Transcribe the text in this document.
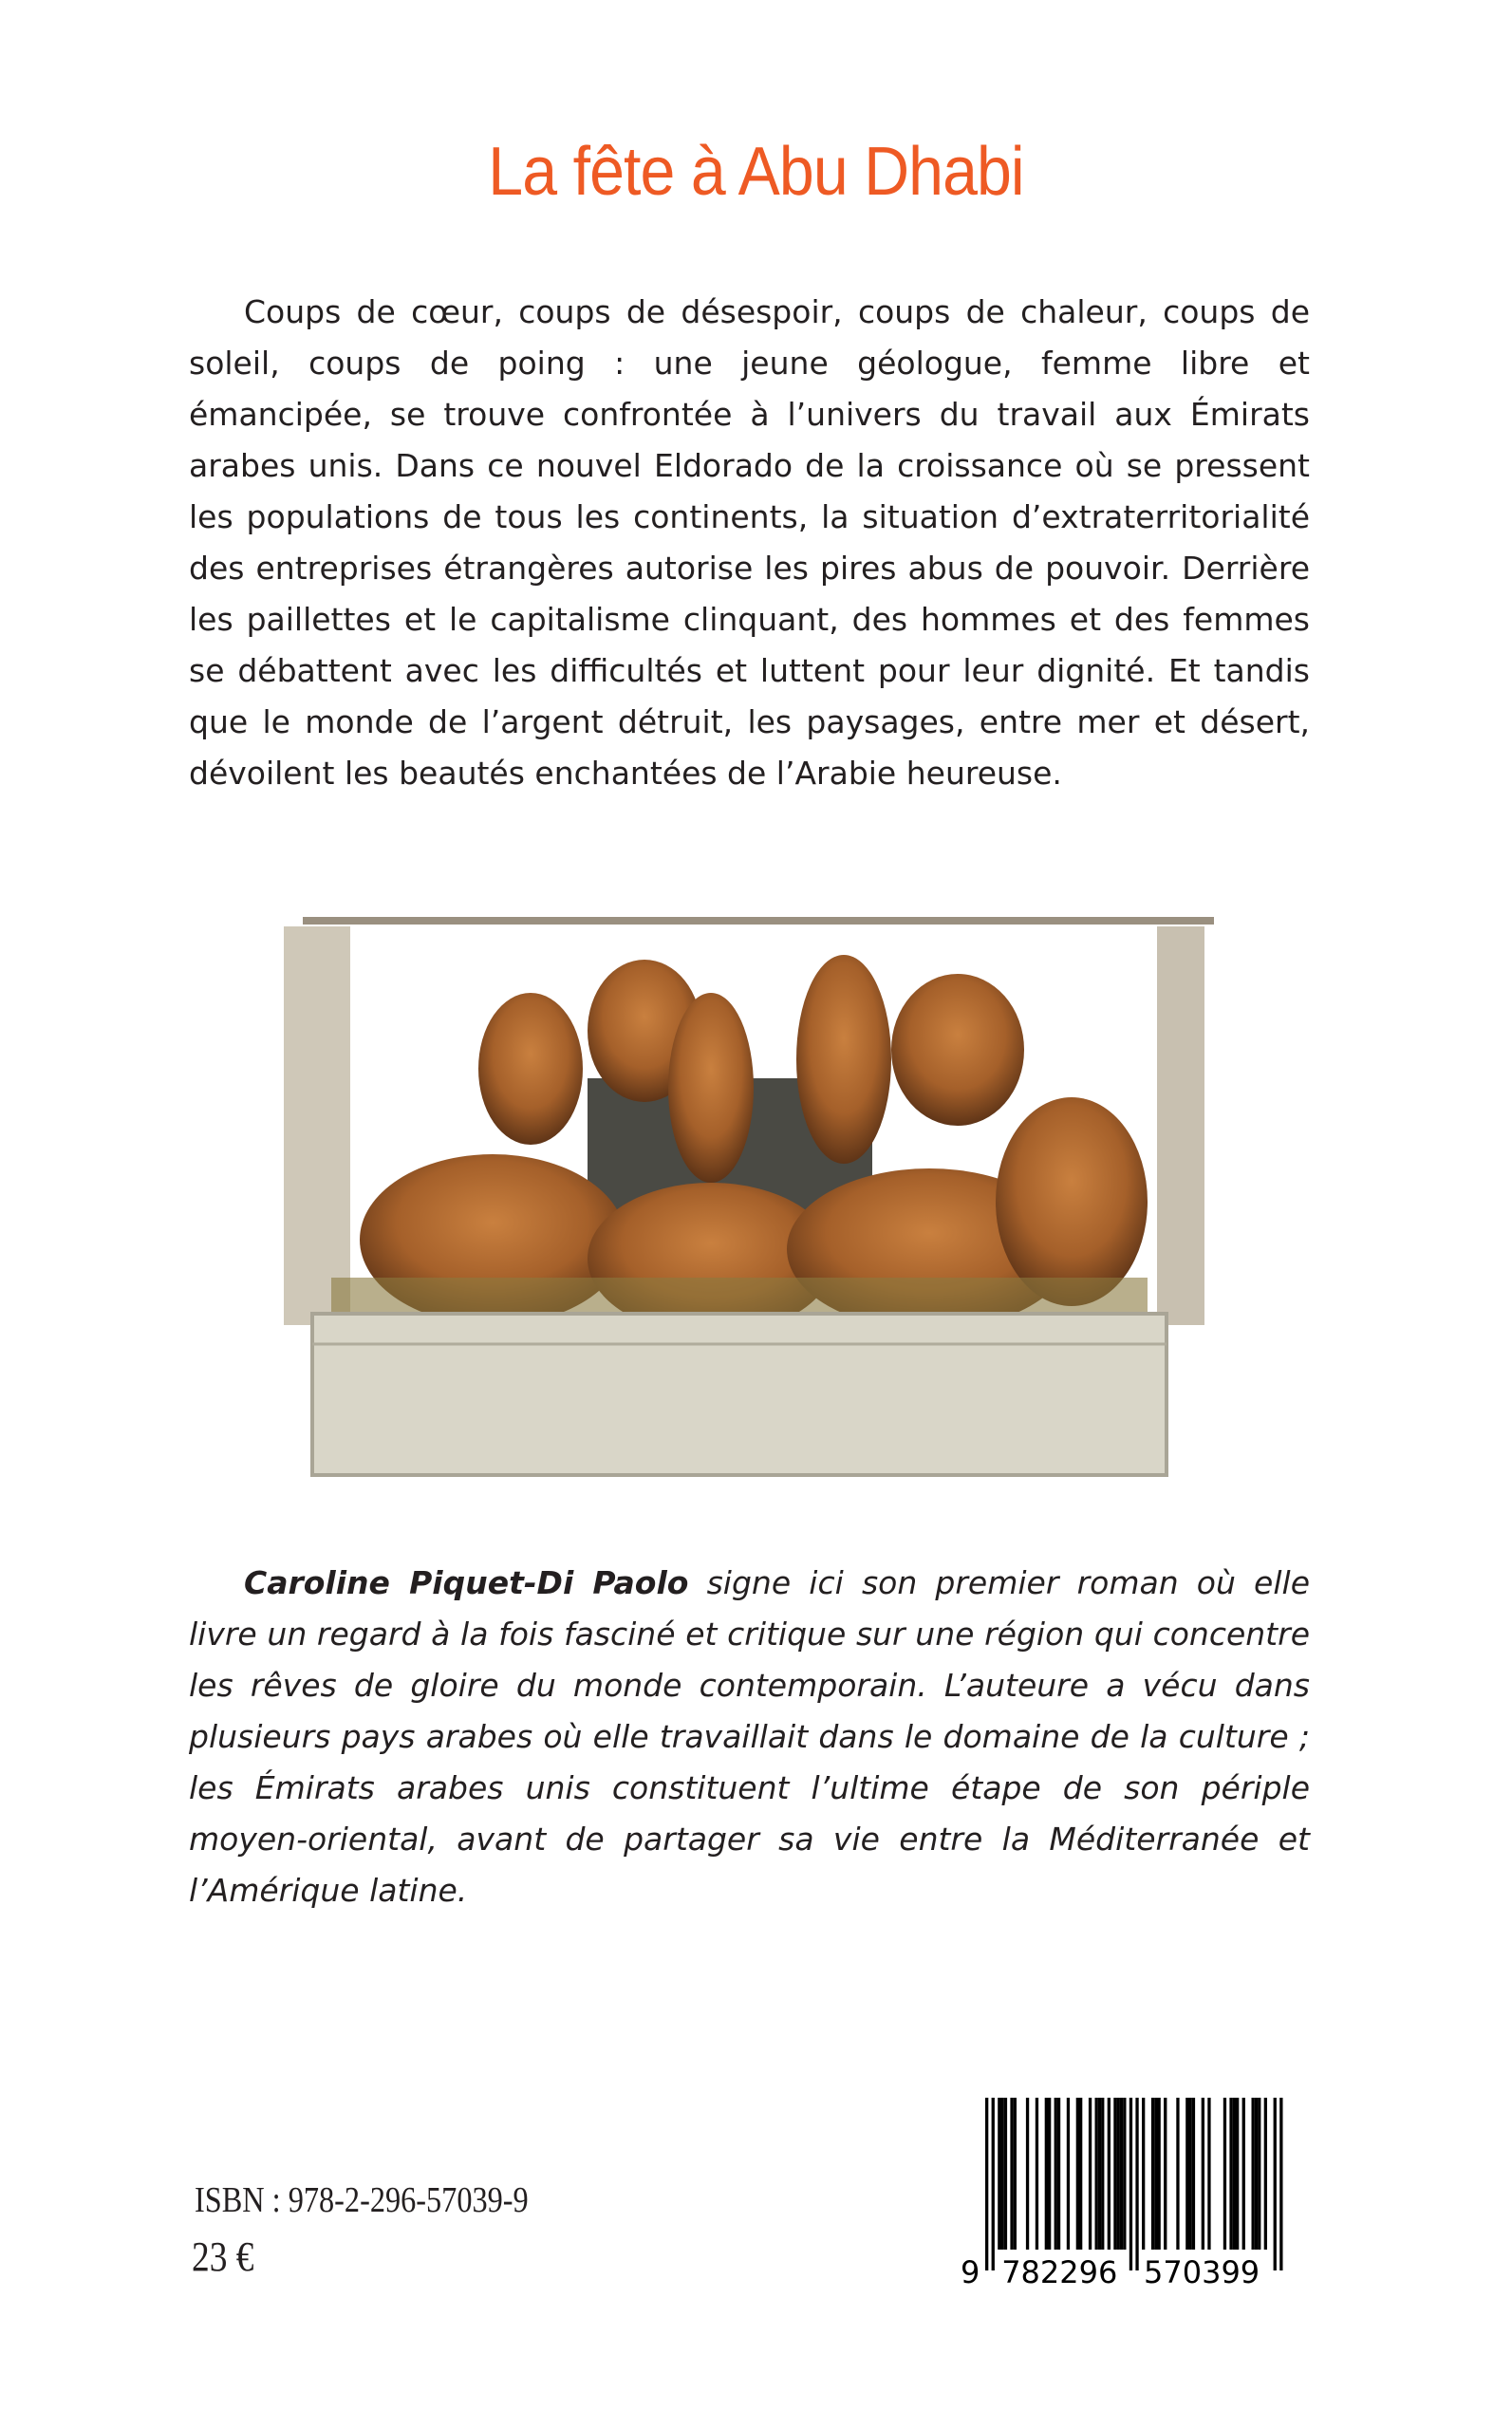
La fête à Abu Dhabi

Coups de cœur, coups de désespoir, coups de chaleur, coups de soleil, coups de poing : une jeune géologue, femme libre et émancipée, se trouve confrontée à l’univers du travail aux Émirats arabes unis. Dans ce nouvel Eldorado de la croissance où se pressent les populations de tous les continents, la situation d’extraterritorialité des entreprises étrangères autorise les pires abus de pouvoir. Derrière les paillettes et le capitalisme clinquant, des hommes et des femmes se débattent avec les difficultés et luttent pour leur dignité. Et tandis que le monde de l’argent détruit, les paysages, entre mer et désert, dévoilent les beautés enchantées de l’Arabie heureuse.

Caroline Piquet-Di Paolo signe ici son premier roman où elle livre un regard à la fois fasciné et critique sur une région qui concentre les rêves de gloire du monde contemporain. L’auteure a vécu dans plusieurs pays arabes où elle travaillait dans le domaine de la culture ; les Émirats arabes unis constituent l’ultime étape de son périple moyen-oriental, avant de partager sa vie entre la Méditerranée et l’Amérique latine.

ISBN : 978-2-296-57039-9
23 €	9 782296 570399
